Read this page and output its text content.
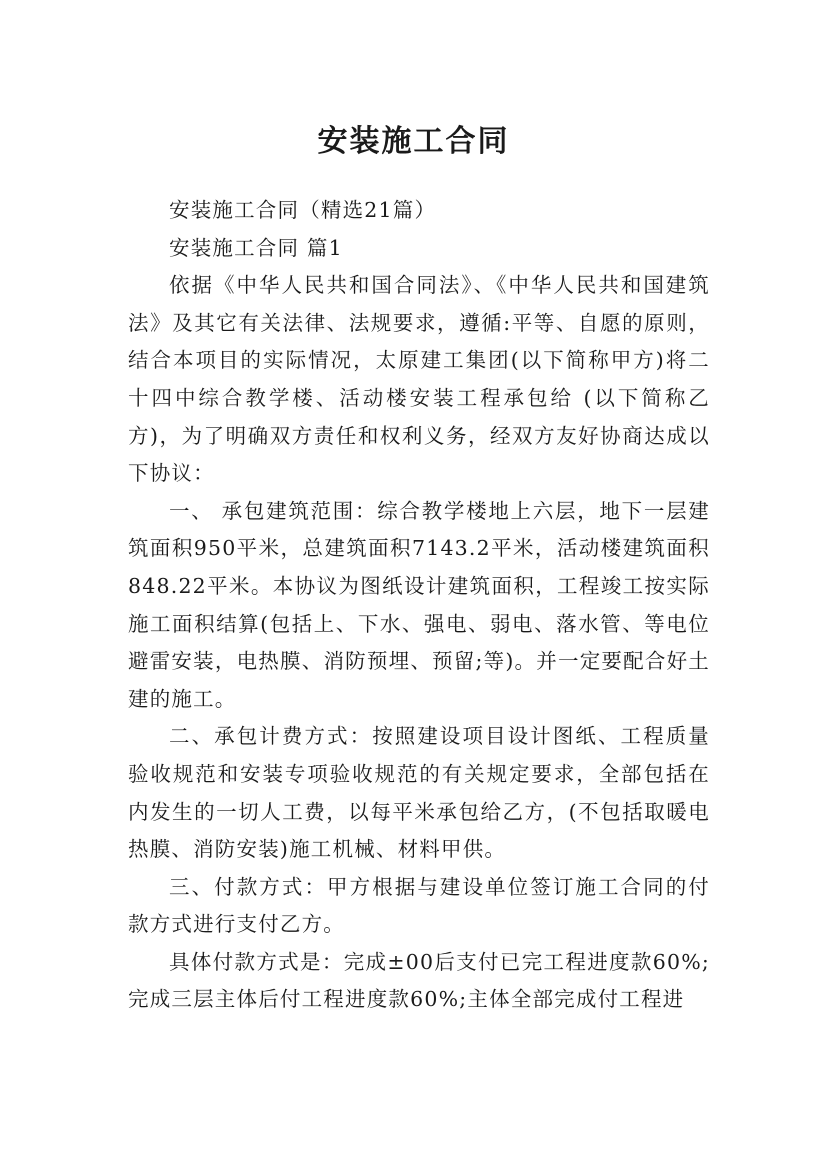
安装施工合同

安装施工合同（精选21篇）

安装施工合同 篇1

依据《中华人民共和国合同法》、《中华人民共和国建筑法》及其它有关法律、法规要求，遵循:平等、自愿的原则，结合本项目的实际情况，太原建工集团(以下简称甲方)将二十四中综合教学楼、活动楼安装工程承包给 (以下简称乙方)，为了明确双方责任和权利义务，经双方友好协商达成以下协议：

一、 承包建筑范围：综合教学楼地上六层，地下一层建筑面积950平米，总建筑面积7143.2平米，活动楼建筑面积848.22平米。本协议为图纸设计建筑面积，工程竣工按实际施工面积结算(包括上、下水、强电、弱电、落水管、等电位避雷安装，电热膜、消防预埋、预留;等)。并一定要配合好土建的施工。

二、承包计费方式：按照建设项目设计图纸、工程质量验收规范和安装专项验收规范的有关规定要求，全部包括在内发生的一切人工费，以每平米承包给乙方，(不包括取暖电热膜、消防安装)施工机械、材料甲供。

三、付款方式：甲方根据与建设单位签订施工合同的付款方式进行支付乙方。

具体付款方式是：完成±00后支付已完工程进度款60%;完成三层主体后付工程进度款60%;主体全部完成付工程进
